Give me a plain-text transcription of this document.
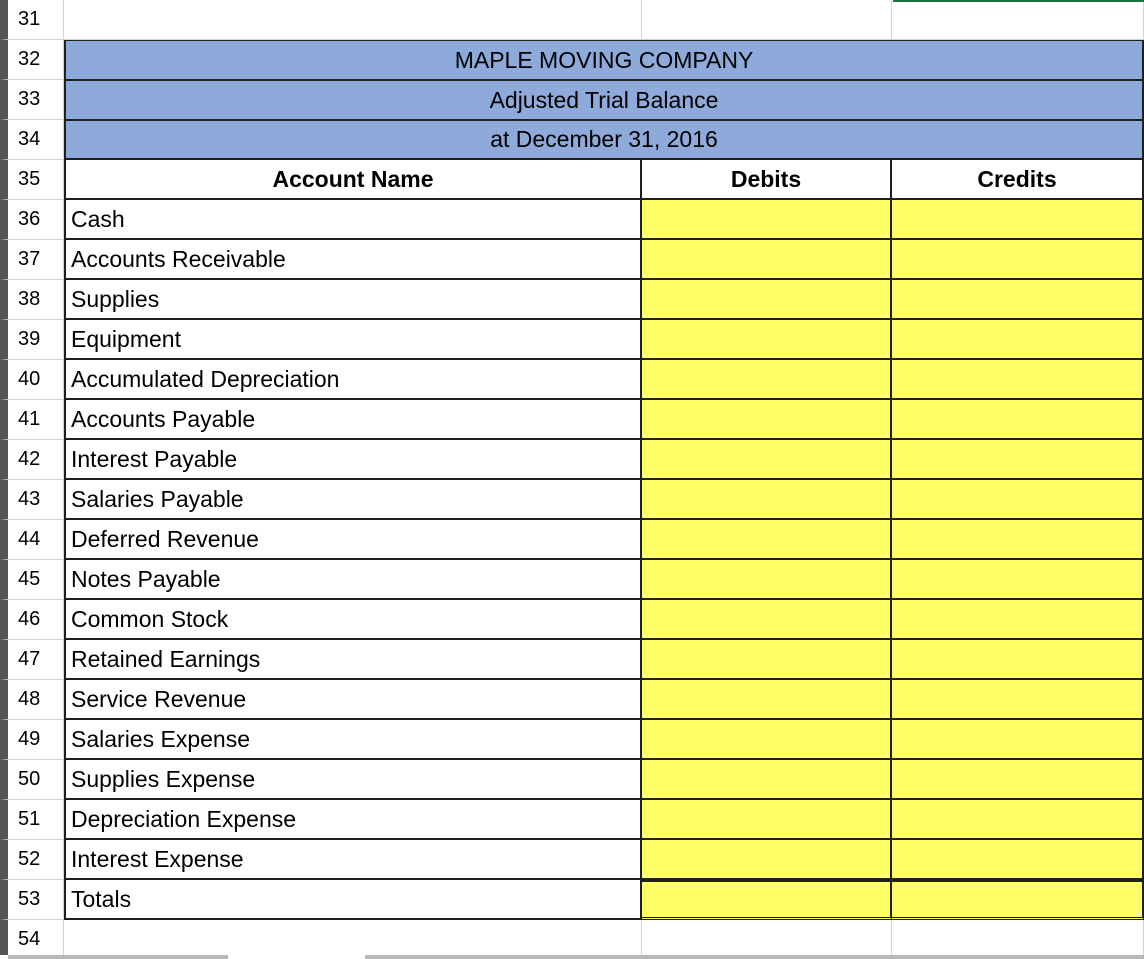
31
32	MAPLE MOVING COMPANY
33	Adjusted Trial Balance
34	at December 31, 2016
35	Account Name	Debits	Credits
36	Cash
37	Accounts Receivable
38	Supplies
39	Equipment
40	Accumulated Depreciation
41	Accounts Payable
42	Interest Payable
43	Salaries Payable
44	Deferred Revenue
45	Notes Payable
46	Common Stock
47	Retained Earnings
48	Service Revenue
49	Salaries Expense
50	Supplies Expense
51	Depreciation Expense
52	Interest Expense
53	Totals
54
